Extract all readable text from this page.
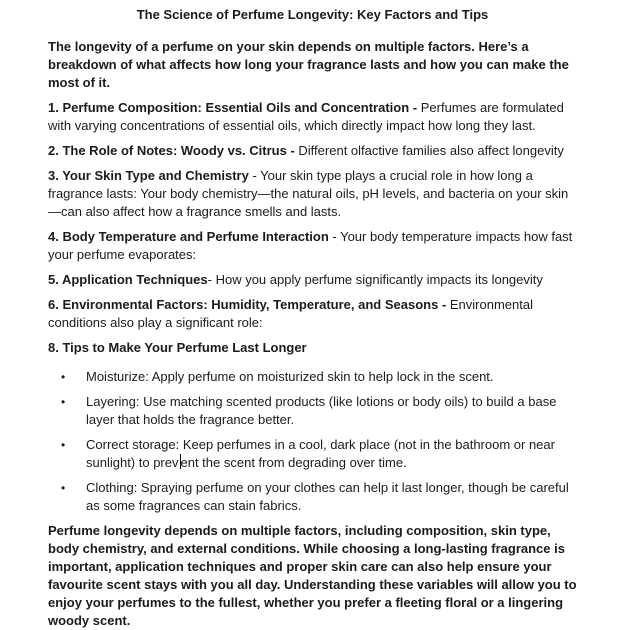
The Science of Perfume Longevity: Key Factors and Tips

The longevity of a perfume on your skin depends on multiple factors. Here’s a breakdown of what affects how long your fragrance lasts and how you can make the most of it.

1. Perfume Composition: Essential Oils and Concentration - Perfumes are formulated with varying concentrations of essential oils, which directly impact how long they last.

2. The Role of Notes: Woody vs. Citrus - Different olfactive families also affect longevity

3. Your Skin Type and Chemistry - Your skin type plays a crucial role in how long a fragrance lasts: Your body chemistry—the natural oils, pH levels, and bacteria on your skin—can also affect how a fragrance smells and lasts.

4. Body Temperature and Perfume Interaction - Your body temperature impacts how fast your perfume evaporates:

5. Application Techniques- How you apply perfume significantly impacts its longevity

6. Environmental Factors: Humidity, Temperature, and Seasons - Environmental conditions also play a significant role:

8. Tips to Make Your Perfume Last Longer

• Moisturize: Apply perfume on moisturized skin to help lock in the scent.
• Layering: Use matching scented products (like lotions or body oils) to build a base layer that holds the fragrance better.
• Correct storage: Keep perfumes in a cool, dark place (not in the bathroom or near sunlight) to prev ent the scent from degrading over time.
• Clothing: Spraying perfume on your clothes can help it last longer, though be careful as some fragrances can stain fabrics.

Perfume longevity depends on multiple factors, including composition, skin type, body chemistry, and external conditions. While choosing a long-lasting fragrance is important, application techniques and proper skin care can also help ensure your favourite scent stays with you all day. Understanding these variables will allow you to enjoy your perfumes to the fullest, whether you prefer a fleeting floral or a lingering woody scent.
